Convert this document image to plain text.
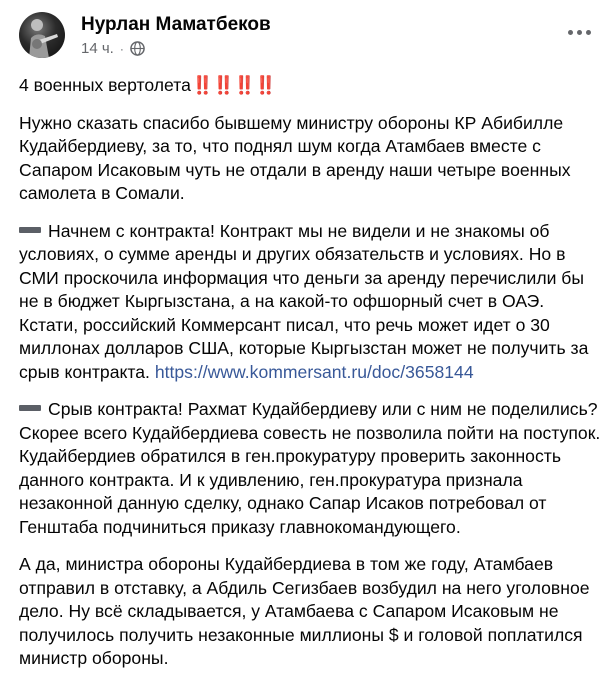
Нурлан Маматбеков
14 ч. ·

4 военных вертолета‼️‼️‼️‼️

Нужно сказать спасибо бывшему министру обороны КР Абибилле Кудайбердиеву, за то, что поднял шум когда Атамбаев вместе с Сапаром Исаковым чуть не отдали в аренду наши четыре военных самолета в Сомали.

Начнем с контракта! Контракт мы не видели и не знакомы об условиях, о сумме аренды и других обязательств и условиях. Но в СМИ проскочила информация что деньги за аренду перечислили бы не в бюджет Кыргызстана, а на какой-то офшорный счет в ОАЭ. Кстати, российский Коммерсант писал, что речь может идет о 30 миллонах долларов США, которые Кыргызстан может не получить за срыв контракта. https://www.kommersant.ru/doc/3658144

Срыв контракта! Рахмат Кудайбердиеву или с ним не поделились? Скорее всего Кудайбердиева совесть не позволила пойти на поступок. Кудайбердиев обратился в ген.прокуратуру проверить законность данного контракта. И к удивлению, ген.прокуратура признала незаконной данную сделку, однако Сапар Исаков потребовал от Генштаба подчиниться приказу главнокомандующего.

А да, министра обороны Кудайбердиева в том же году, Атамбаев отправил в отставку, а Абдиль Сегизбаев возбудил на него уголовное дело. Ну всё складывается, у Атамбаева с Сапаром Исаковым не получилось получить незаконные миллионы $ и головой поплатился министр обороны.
